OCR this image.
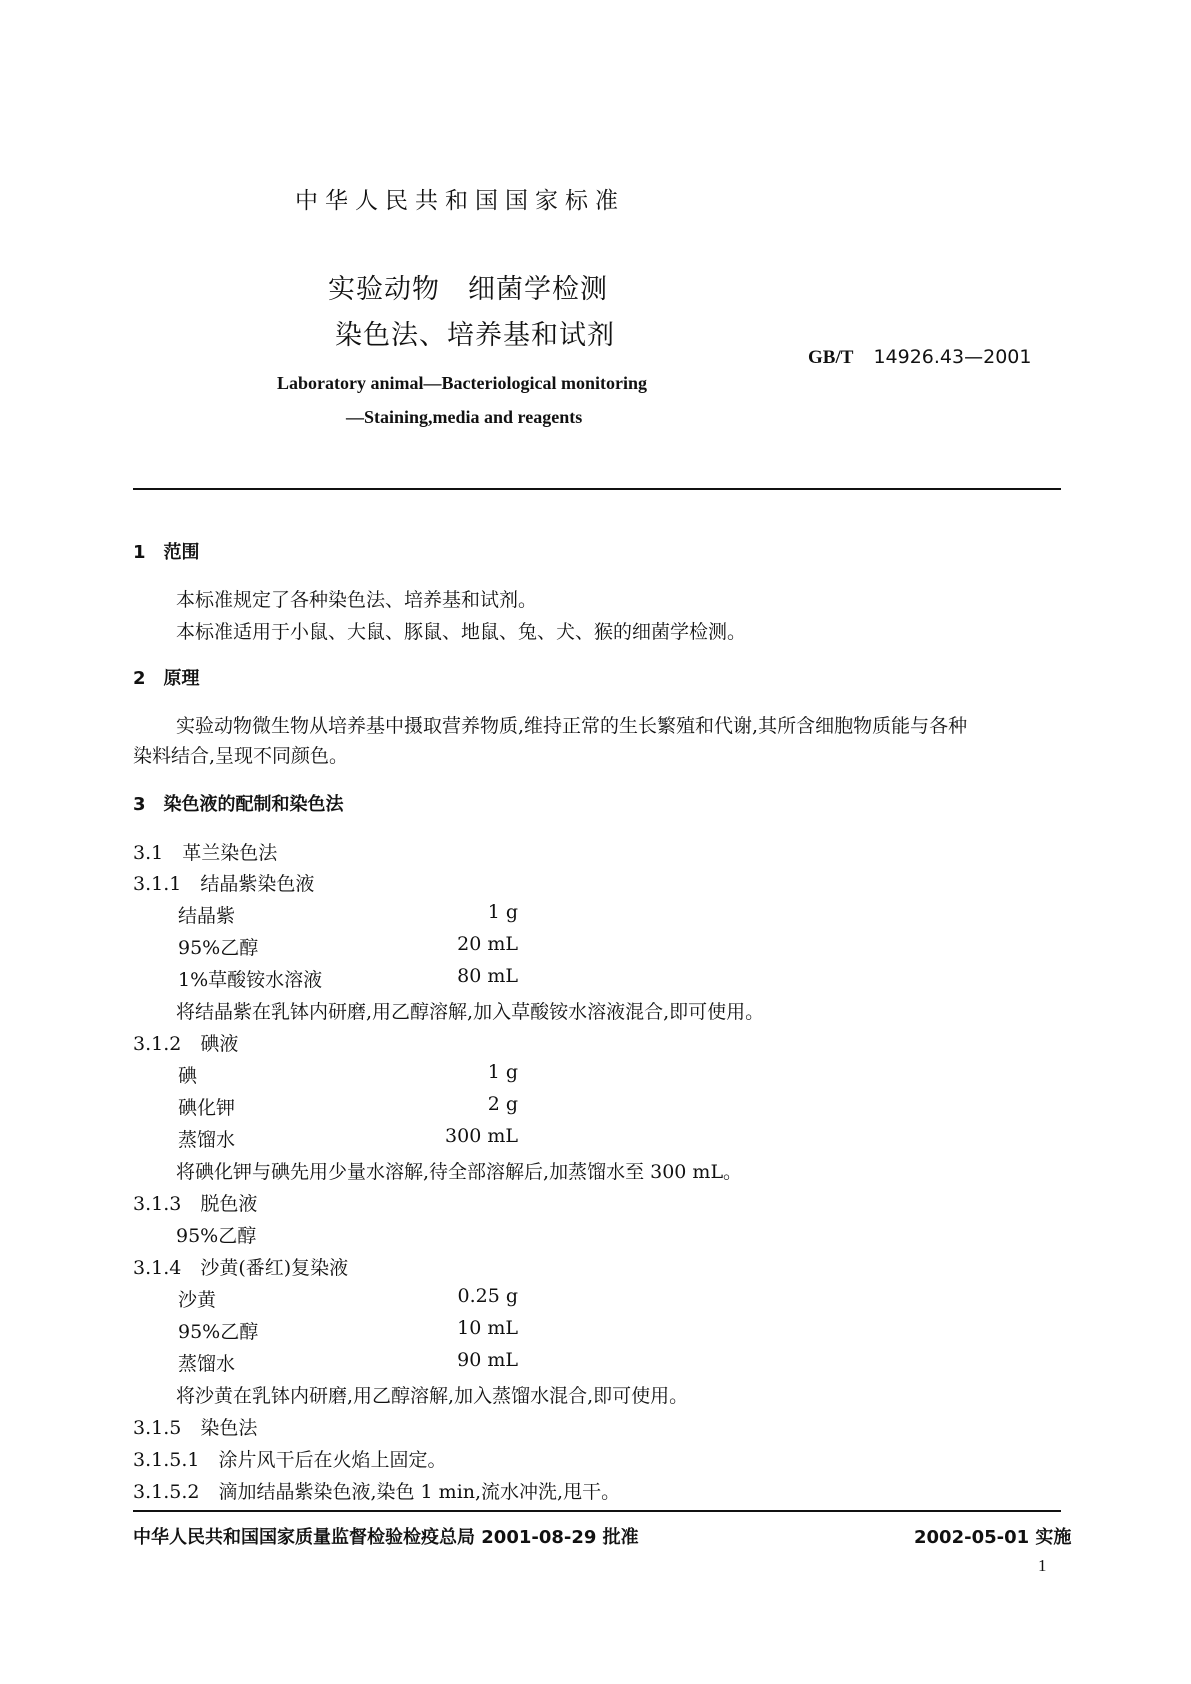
中华人民共和国国家标准
实验动物　细菌学检测
染色法、培养基和试剂
GB/T 14926.43—2001
Laboratory animal—Bacteriological monitoring
—Staining,media and reagents
1　范围
本标准规定了各种染色法、培养基和试剂。
本标准适用于小鼠、大鼠、豚鼠、地鼠、兔、犬、猴的细菌学检测。
2　原理
实验动物微生物从培养基中摄取营养物质,维持正常的生长繁殖和代谢,其所含细胞物质能与各种
染料结合,呈现不同颜色。
3　染色液的配制和染色法
3.1　革兰染色法
3.1.1　结晶紫染色液
结晶紫	1 g
95%乙醇	20 mL
1%草酸铵水溶液	80 mL
将结晶紫在乳钵内研磨,用乙醇溶解,加入草酸铵水溶液混合,即可使用。
3.1.2　碘液
碘	1 g
碘化钾	2 g
蒸馏水	300 mL
将碘化钾与碘先用少量水溶解,待全部溶解后,加蒸馏水至 300 mL。
3.1.3　脱色液
95%乙醇
3.1.4　沙黄(番红)复染液
沙黄	0.25 g
95%乙醇	10 mL
蒸馏水	90 mL
将沙黄在乳钵内研磨,用乙醇溶解,加入蒸馏水混合,即可使用。
3.1.5　染色法
3.1.5.1　涂片风干后在火焰上固定。
3.1.5.2　滴加结晶紫染色液,染色 1 min,流水冲洗,甩干。
中华人民共和国国家质量监督检验检疫总局 2001-08-29 批准	2002-05-01 实施
1
